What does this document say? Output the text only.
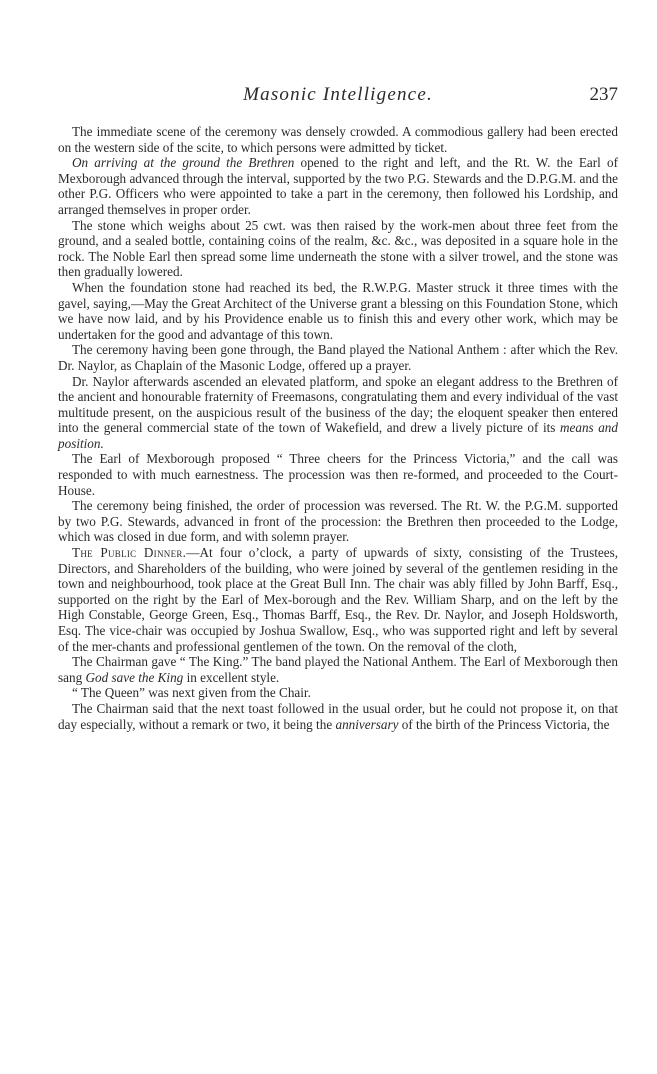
Masonic Intelligence.	237

The immediate scene of the ceremony was densely crowded. A commodious gallery had been erected on the western side of the scite, to which persons were admitted by ticket.

On arriving at the ground the Brethren opened to the right and left, and the Rt. W. the Earl of Mexborough advanced through the interval, supported by the two P.G. Stewards and the D.P.G.M. and the other P.G. Officers who were appointed to take a part in the ceremony, then followed his Lordship, and arranged themselves in proper order.

The stone which weighs about 25 cwt. was then raised by the work-men about three feet from the ground, and a sealed bottle, containing coins of the realm, &c. &c., was deposited in a square hole in the rock. The Noble Earl then spread some lime underneath the stone with a silver trowel, and the stone was then gradually lowered.

When the foundation stone had reached its bed, the R.W.P.G. Master struck it three times with the gavel, saying,—May the Great Architect of the Universe grant a blessing on this Foundation Stone, which we have now laid, and by his Providence enable us to finish this and every other work, which may be undertaken for the good and advantage of this town.

The ceremony having been gone through, the Band played the National Anthem : after which the Rev. Dr. Naylor, as Chaplain of the Masonic Lodge, offered up a prayer.

Dr. Naylor afterwards ascended an elevated platform, and spoke an elegant address to the Brethren of the ancient and honourable fraternity of Freemasons, congratulating them and every individual of the vast multitude present, on the auspicious result of the business of the day; the eloquent speaker then entered into the general commercial state of the town of Wakefield, and drew a lively picture of its means and position.

The Earl of Mexborough proposed “ Three cheers for the Princess Victoria,” and the call was responded to with much earnestness. The procession was then re-formed, and proceeded to the Court-House.

The ceremony being finished, the order of procession was reversed. The Rt. W. the P.G.M. supported by two P.G. Stewards, advanced in front of the procession: the Brethren then proceeded to the Lodge, which was closed in due form, and with solemn prayer.

The Public Dinner.—At four o’clock, a party of upwards of sixty, consisting of the Trustees, Directors, and Shareholders of the building, who were joined by several of the gentlemen residing in the town and neighbourhood, took place at the Great Bull Inn. The chair was ably filled by John Barff, Esq., supported on the right by the Earl of Mex-borough and the Rev. William Sharp, and on the left by the High Constable, George Green, Esq., Thomas Barff, Esq., the Rev. Dr. Naylor, and Joseph Holdsworth, Esq. The vice-chair was occupied by Joshua Swallow, Esq., who was supported right and left by several of the mer-chants and professional gentlemen of the town. On the removal of the cloth,

The Chairman gave “ The King.” The band played the National Anthem. The Earl of Mexborough then sang God save the King in excellent style.

“ The Queen” was next given from the Chair.

The Chairman said that the next toast followed in the usual order, but he could not propose it, on that day especially, without a remark or two, it being the anniversary of the birth of the Princess Victoria, the
